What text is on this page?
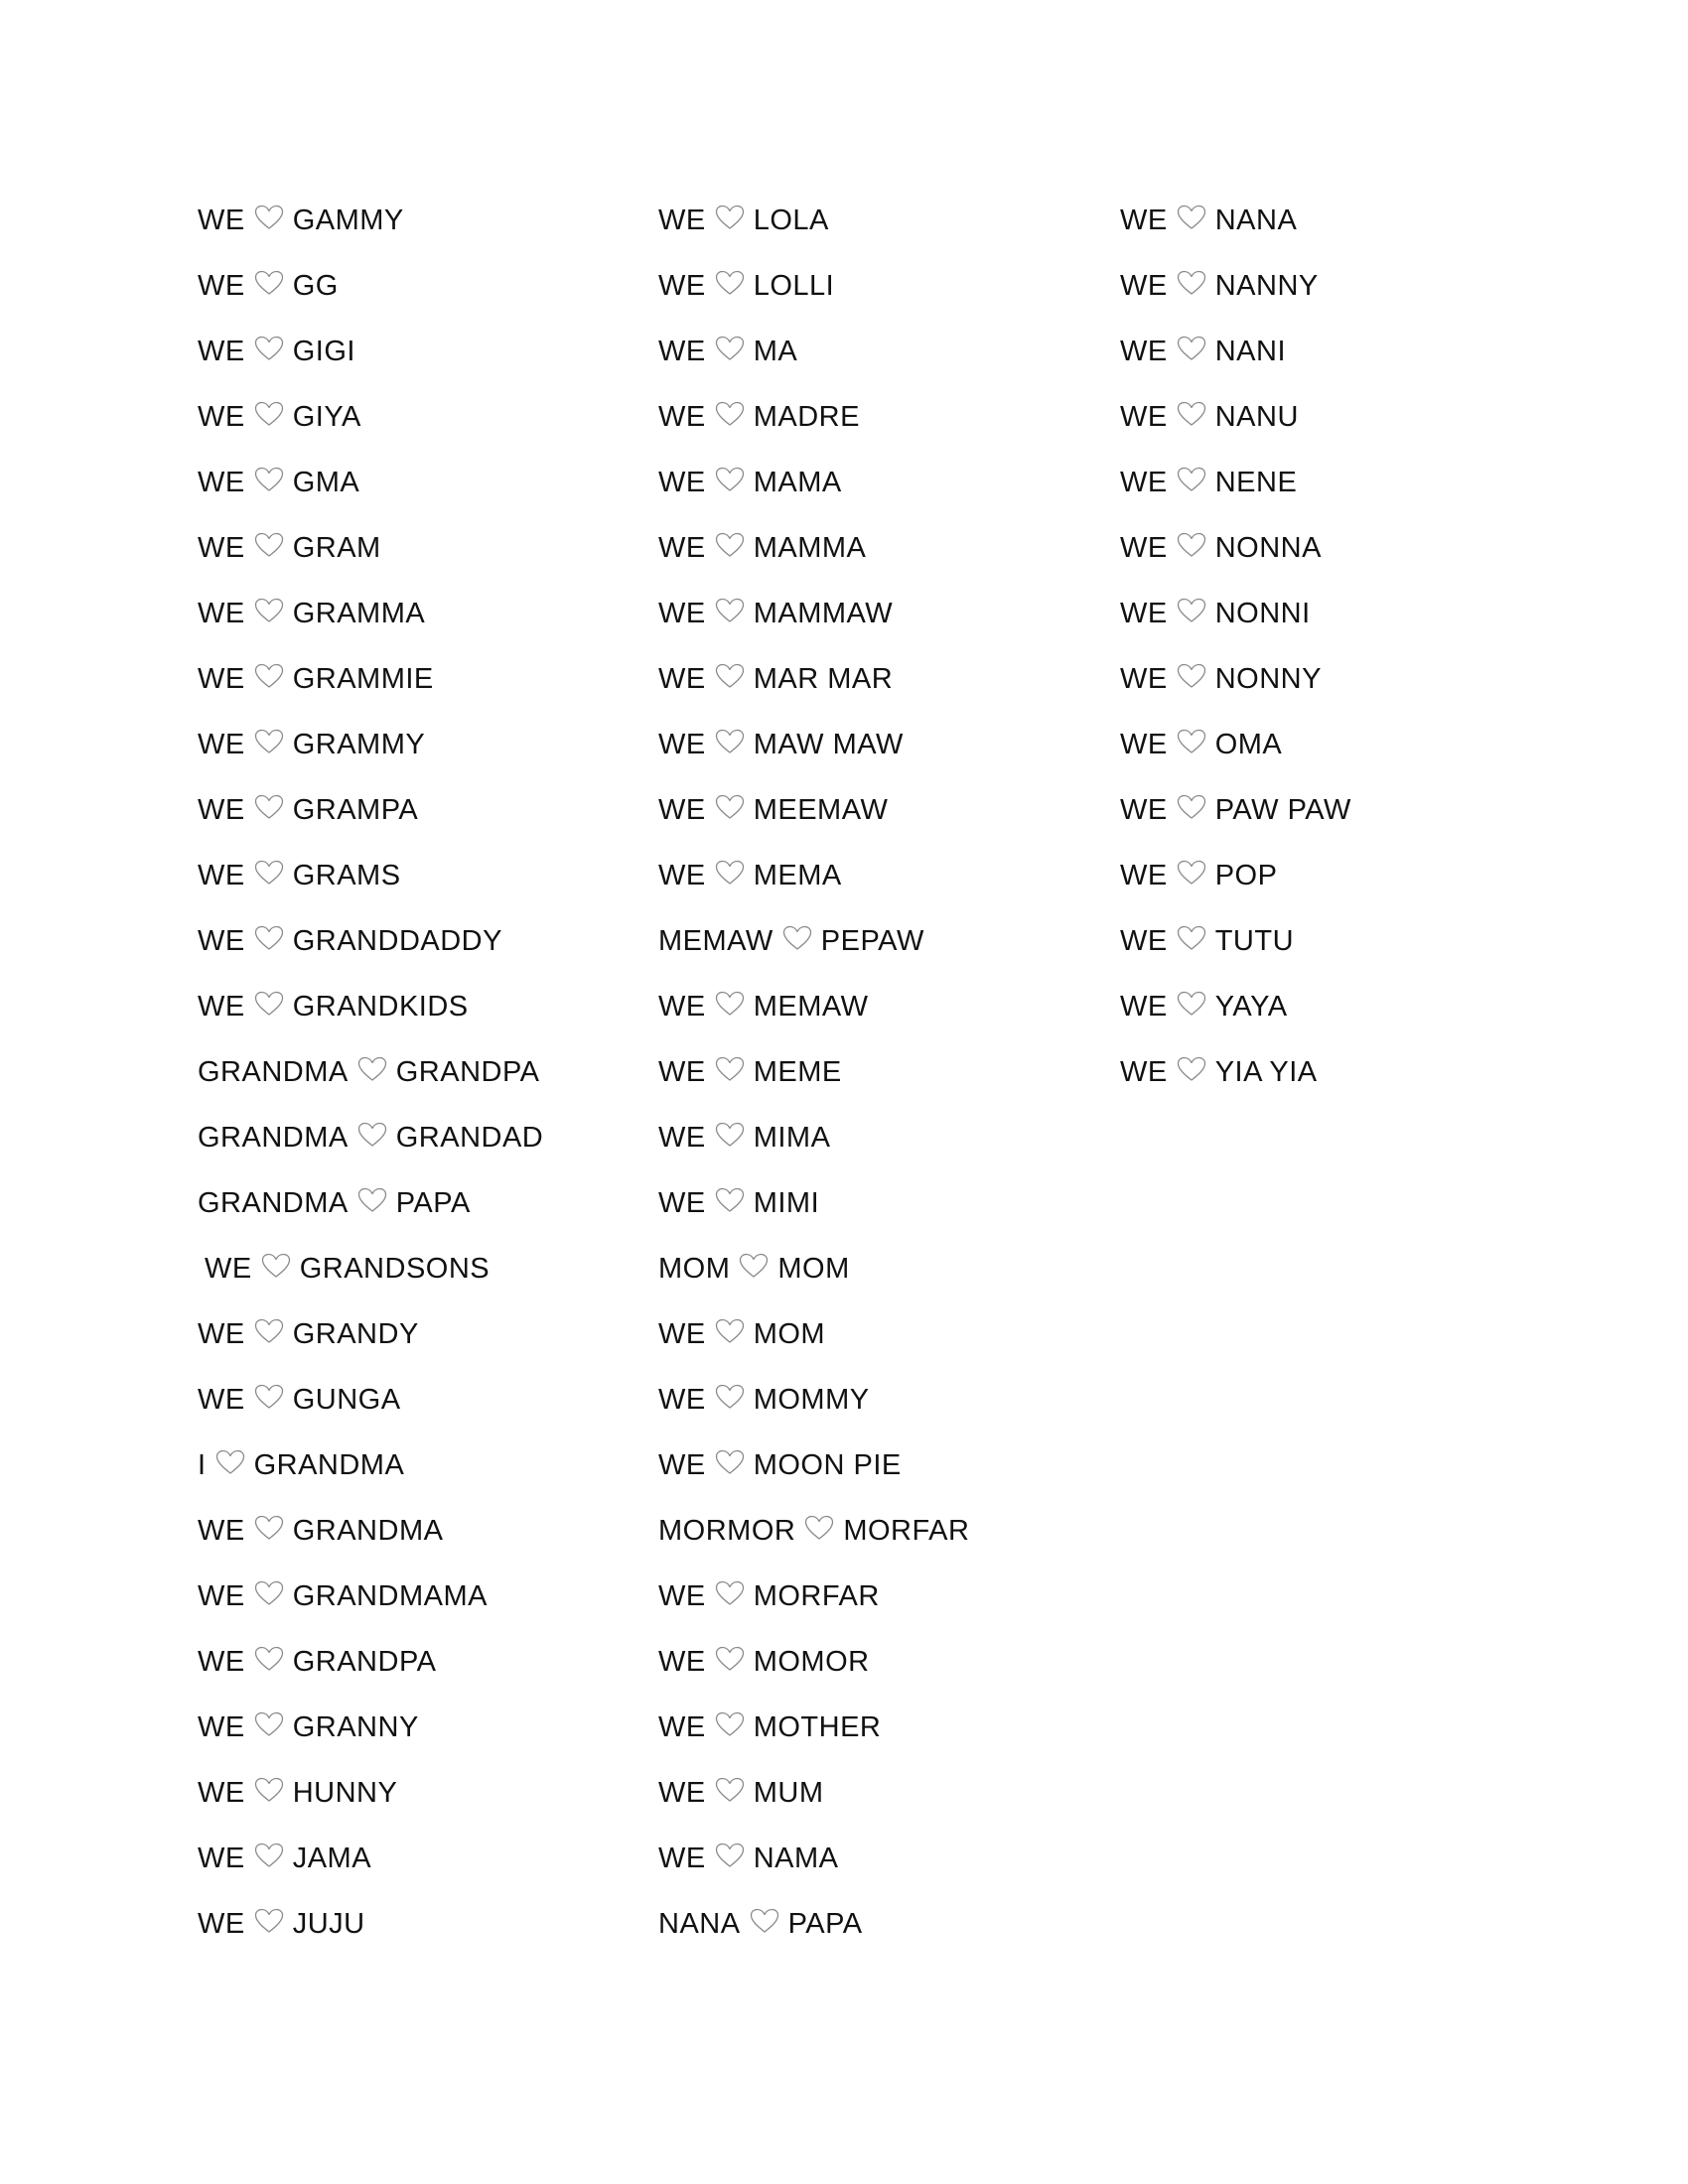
WE GAMMY
WE GG
WE GIGI
WE GIYA
WE GMA
WE GRAM
WE GRAMMA
WE GRAMMIE
WE GRAMMY
WE GRAMPA
WE GRAMS
WE GRANDDADDY
WE GRANDKIDS
GRANDMA GRANDPA
GRANDMA GRANDAD
GRANDMA PAPA
WE GRANDSONS
WE GRANDY
WE GUNGA
I GRANDMA
WE GRANDMA
WE GRANDMAMA
WE GRANDPA
WE GRANNY
WE HUNNY
WE JAMA
WE JUJU
WE LOLA
WE LOLLI
WE MA
WE MADRE
WE MAMA
WE MAMMA
WE MAMMAW
WE MAR MAR
WE MAW MAW
WE MEEMAW
WE MEMA
MEMAW PEPAW
WE MEMAW
WE MEME
WE MIMA
WE MIMI
MOM MOM
WE MOM
WE MOMMY
WE MOON PIE
MORMOR MORFAR
WE MORFAR
WE MOMOR
WE MOTHER
WE MUM
WE NAMA
NANA PAPA
WE NANA
WE NANNY
WE NANI
WE NANU
WE NENE
WE NONNA
WE NONNI
WE NONNY
WE OMA
WE PAW PAW
WE POP
WE TUTU
WE YAYA
WE YIA YIA
